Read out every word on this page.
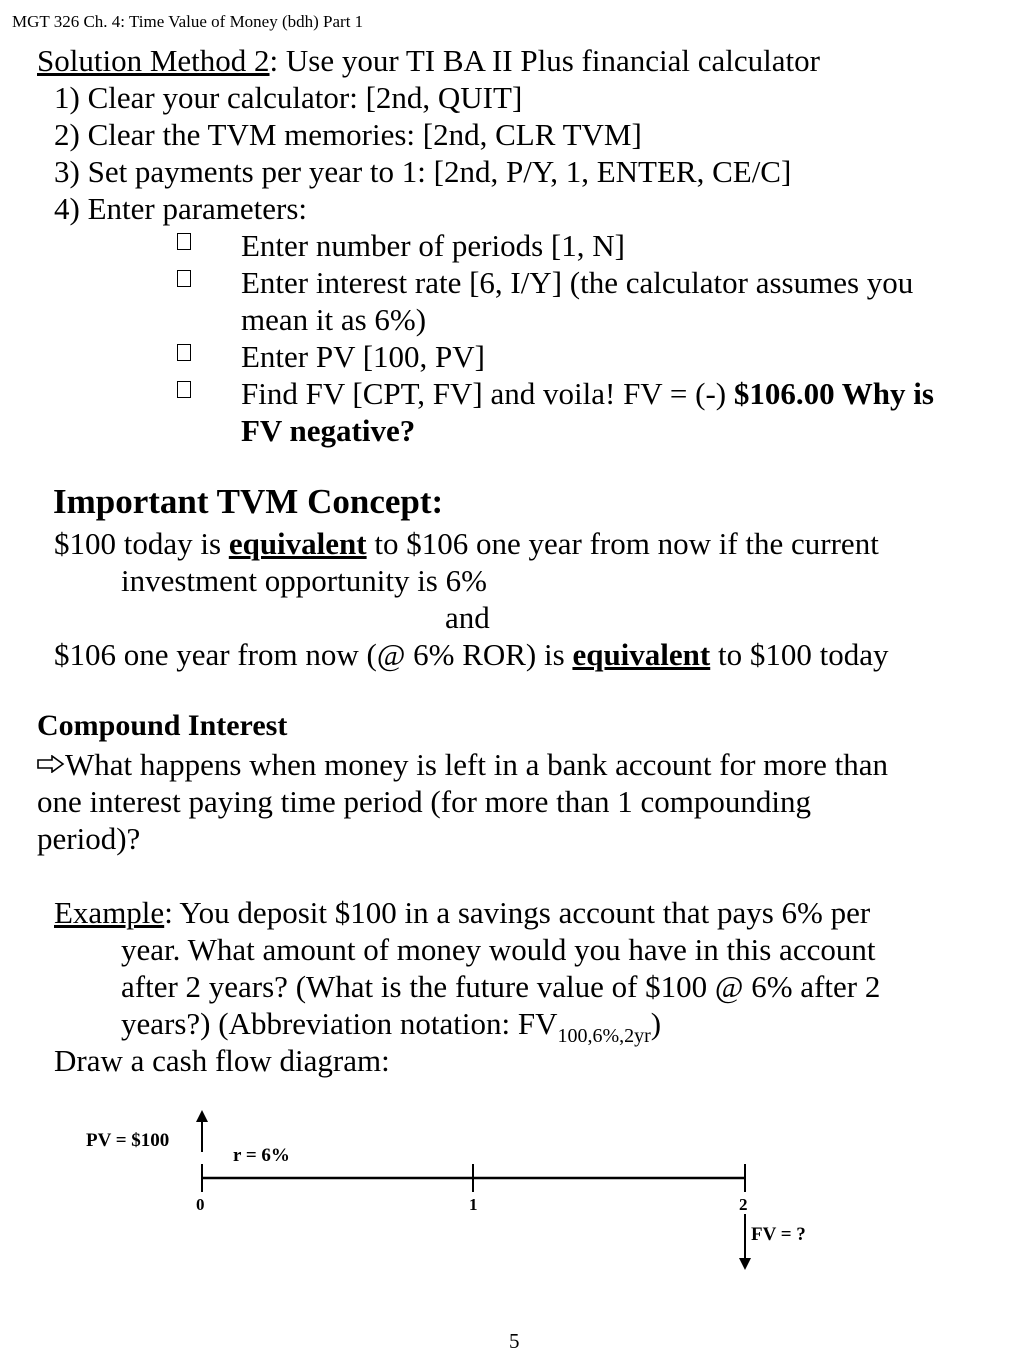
MGT 326 Ch. 4: Time Value of Money (bdh) Part 1
Solution Method 2: Use your TI BA II Plus financial calculator
1) Clear your calculator: [2nd, QUIT]
2) Clear the TVM memories: [2nd, CLR TVM]
3) Set payments per year to 1: [2nd, P/Y, 1, ENTER, CE/C]
4) Enter parameters:
Enter number of periods [1, N]
Enter interest rate [6, I/Y] (the calculator assumes you
mean it as 6%)
Enter PV [100, PV]
Find FV [CPT, FV] and voila! FV = (-) $106.00 Why is
FV negative?
Important TVM Concept:
$100 today is equivalent to $106 one year from now if the current
investment opportunity is 6%
and
$106 one year from now (@ 6% ROR) is equivalent to $100 today
Compound Interest
What happens when money is left in a bank account for more than
one interest paying time period (for more than 1 compounding
period)?
Example: You deposit $100 in a savings account that pays 6% per
year. What amount of money would you have in this account
after 2 years? (What is the future value of $100 @ 6% after 2
years?) (Abbreviation notation: $FV_{100,6\%,2yr}$)
Draw a cash flow diagram:
PV = $100
r = 6%
0	1	2
FV = ?
5
